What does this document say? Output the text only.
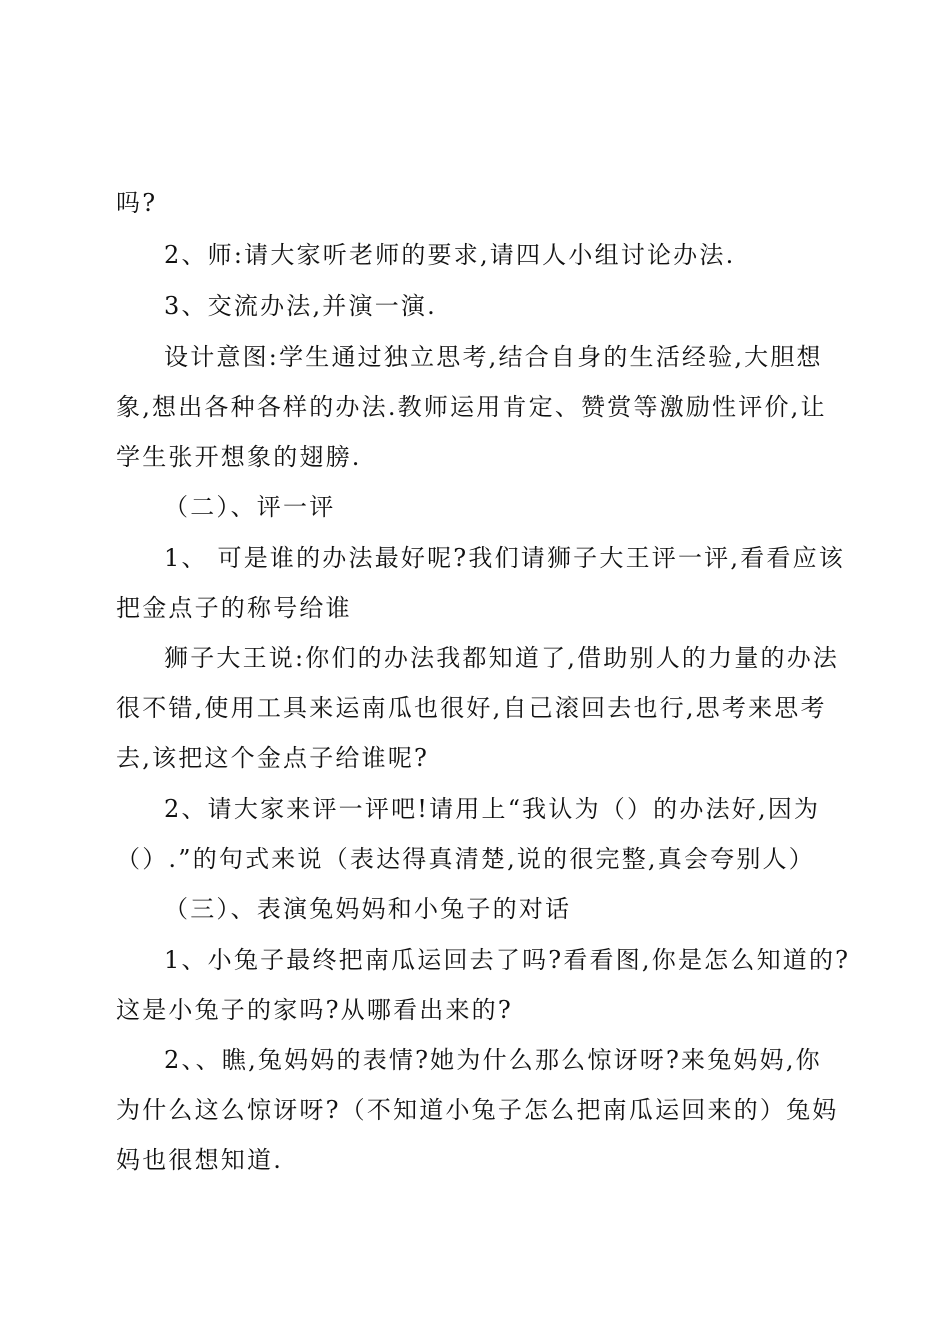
吗?
2、师:请大家听老师的要求,请四人小组讨论办法.
3、交流办法,并演一演.
设计意图:学生通过独立思考,结合自身的生活经验,大胆想
象,想出各种各样的办法.教师运用肯定、赞赏等激励性评价,让
学生张开想象的翅膀.
（二）、评一评
1、 可是谁的办法最好呢?我们请狮子大王评一评,看看应该
把金点子的称号给谁
狮子大王说:你们的办法我都知道了,借助别人的力量的办法
很不错,使用工具来运南瓜也很好,自己滚回去也行,思考来思考
去,该把这个金点子给谁呢?
2、请大家来评一评吧!请用上“我认为（）的办法好,因为
（）.”的句式来说（表达得真清楚,说的很完整,真会夸别人）
（三）、表演兔妈妈和小兔子的对话
1、小兔子最终把南瓜运回去了吗?看看图,你是怎么知道的?
这是小兔子的家吗?从哪看出来的?
2、、瞧,兔妈妈的表情?她为什么那么惊讶呀?来兔妈妈,你
为什么这么惊讶呀?（不知道小兔子怎么把南瓜运回来的）兔妈
妈也很想知道.
